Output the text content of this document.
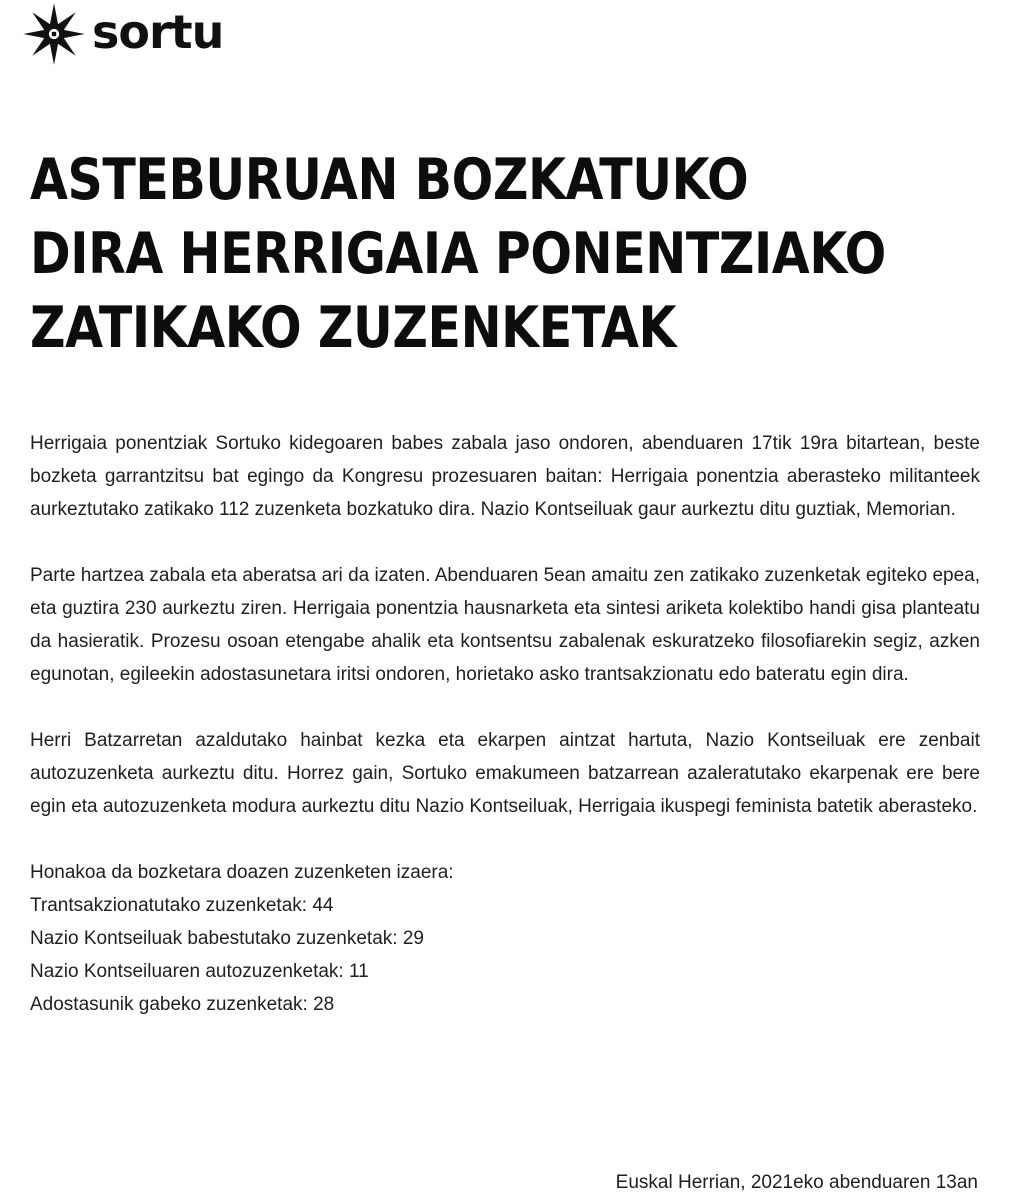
sortu
ASTEBURUAN BOZKATUKO
DIRA HERRIGAIA PONENTZIAKO
ZATIKAKO ZUZENKETAK

Herrigaia ponentziak Sortuko kidegoaren babes zabala jaso ondoren, abenduaren 17tik 19ra bitartean, beste bozketa garrantzitsu bat egingo da Kongresu prozesuaren baitan: Herrigaia ponentzia aberasteko militanteek aurkeztutako zatikako 112 zuzenketa bozkatuko dira. Nazio Kontseiluak gaur aurkeztu ditu guztiak, Memorian.

Parte hartzea zabala eta aberatsa ari da izaten. Abenduaren 5ean amaitu zen zatikako zuzenketak egiteko epea, eta guztira 230 aurkeztu ziren. Herrigaia ponentzia hausnarketa eta sintesi ariketa kolektibo handi gisa planteatu da hasieratik. Prozesu osoan etengabe ahalik eta kontsentsu zabalenak eskuratzeko filosofiarekin segiz, azken egunotan, egileekin adostasunetara iritsi ondoren, horietako asko trantsakzionatu edo bateratu egin dira.

Herri Batzarretan azaldutako hainbat kezka eta ekarpen aintzat hartuta, Nazio Kontseiluak ere zenbait autozuzenketa aurkeztu ditu. Horrez gain, Sortuko emakumeen batzarrean azaleratutako ekarpenak ere bere egin eta autozuzenketa modura aurkeztu ditu Nazio Kontseiluak, Herrigaia ikuspegi feminista batetik aberasteko.

Honakoa da bozketara doazen zuzenketen izaera:
Trantsakzionatutako zuzenketak: 44
Nazio Kontseiluak babestutako zuzenketak: 29
Nazio Kontseiluaren autozuzenketak: 11
Adostasunik gabeko zuzenketak: 28
Euskal Herrian, 2021eko abenduaren 13an
